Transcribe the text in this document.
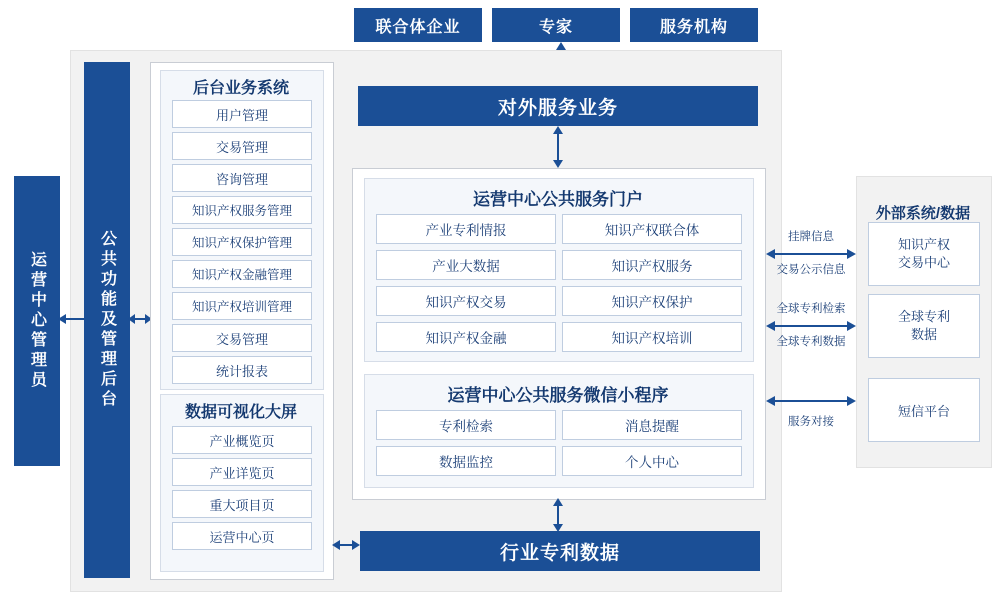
联合体企业	专家	服务机构
运营中心管理员	公共功能及管理后台
后台业务系统
用户管理
交易管理
咨询管理
知识产权服务管理
知识产权保护管理
知识产权金融管理
知识产权培训管理
交易管理
统计报表
数据可视化大屏
产业概览页
产业详览页
重大项目页
运营中心页
对外服务业务
运营中心公共服务门户
产业专利情报	知识产权联合体
产业大数据	知识产权服务
知识产权交易	知识产权保护
知识产权金融	知识产权培训
运营中心公共服务微信小程序
专利检索	消息提醒
数据监控	个人中心
行业专利数据
外部系统/数据
知识产权
交易中心
全球专利
数据
短信平台
挂牌信息
交易公示信息
全球专利检索
全球专利数据
服务对接
